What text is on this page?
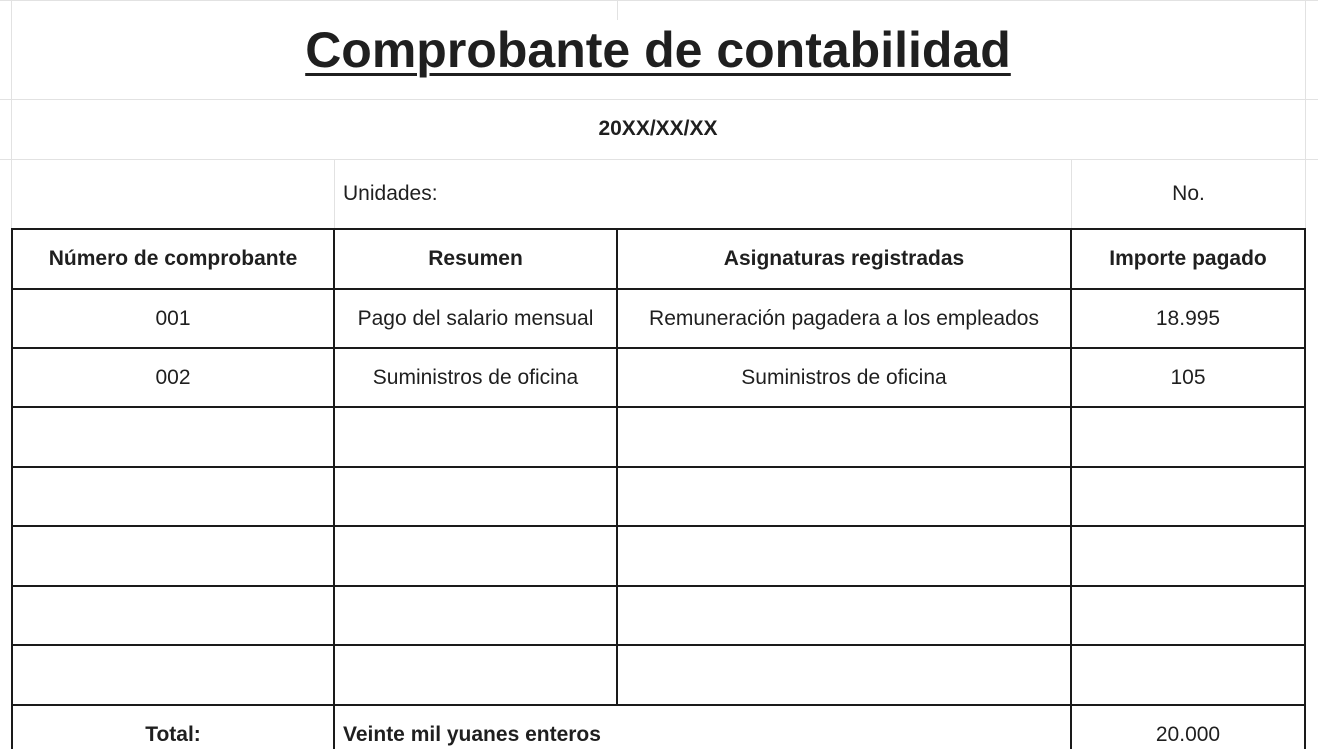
Comprobante de contabilidad
20XX/XX/XX
Unidades:	No.
Número de comprobante	Resumen	Asignaturas registradas	Importe pagado
001	Pago del salario mensual	Remuneración pagadera a los empleados	18.995
002	Suministros de oficina	Suministros de oficina	105
Total:	Veinte mil yuanes enteros	20.000
